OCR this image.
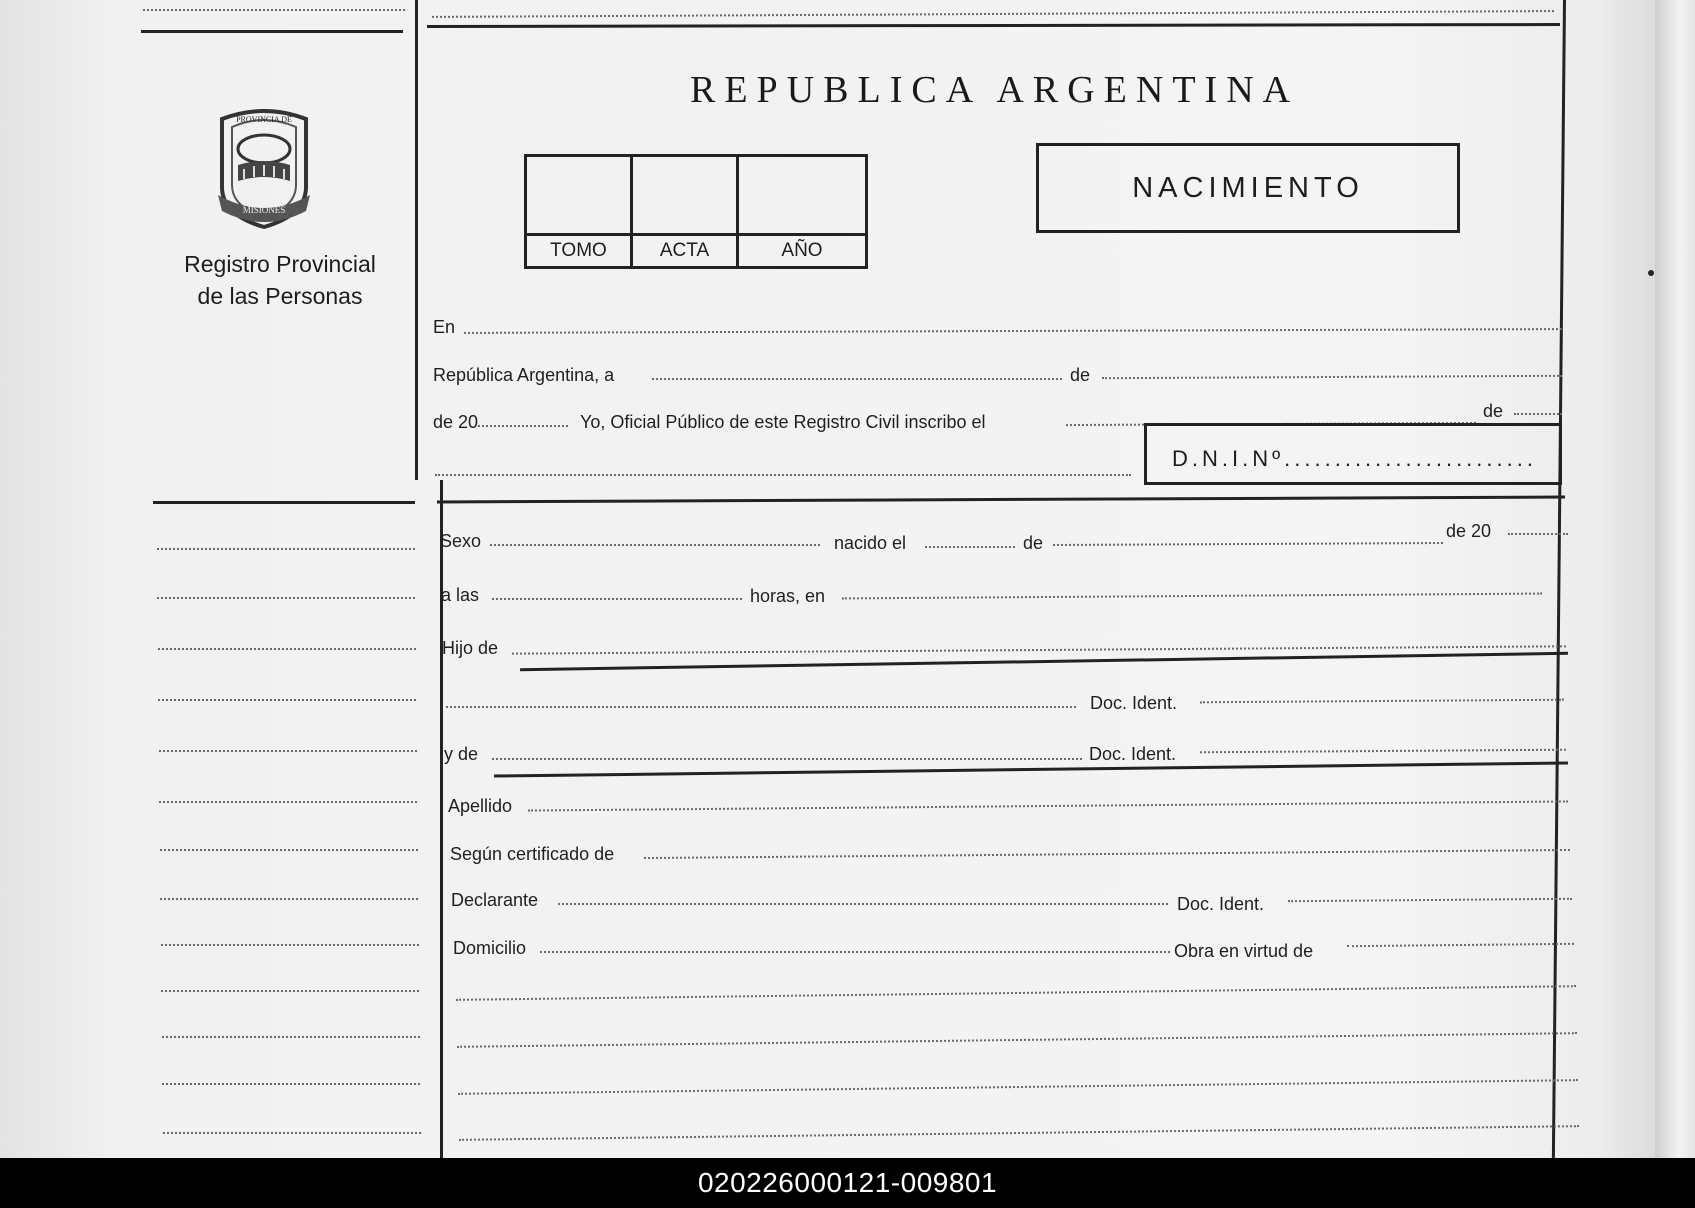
PROVINCIA DE
MISIONES
Registro Provincial
de las Personas
REPUBLICA ARGENTINA
TOMO	ACTA	AÑO
NACIMIENTO
En
República Argentina, a	de
de 20	Yo, Oficial Público de este Registro Civil inscribo el
de
D.N.I.Nº.........................
Sexo	nacido el	de
de 20
a las	horas, en
Hijo de
Doc. Ident.
y de	Doc. Ident.
Apellido
Según certificado de
Declarante	Doc. Ident.
Domicilio	Obra en virtud de
020226000121-009801
